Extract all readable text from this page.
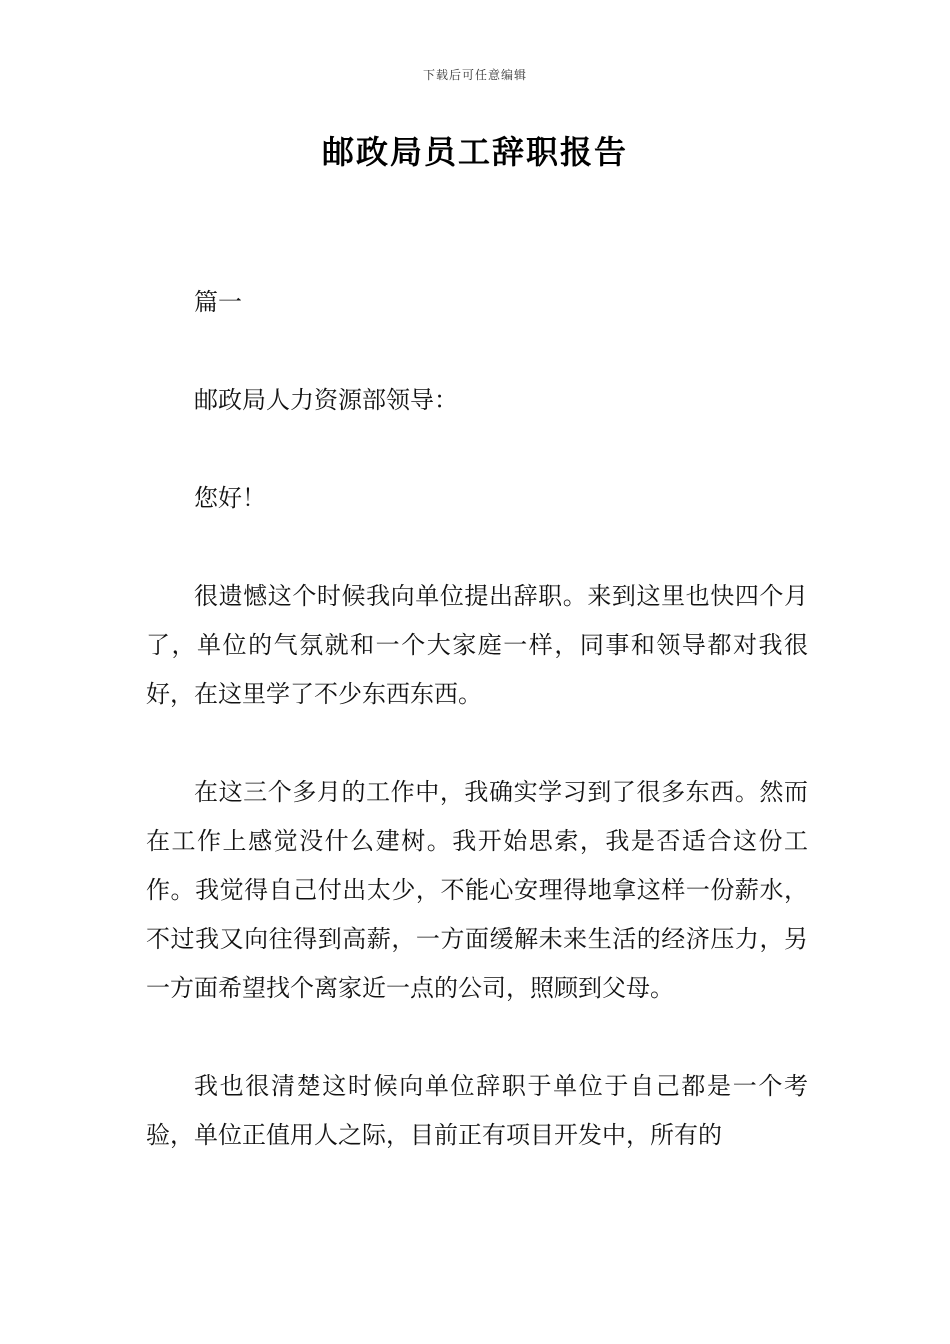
下载后可任意编辑
邮政局员工辞职报告

篇一

邮政局人力资源部领导：

您好！

很遗憾这个时候我向单位提出辞职。来到这里也快四个月了，单位的气氛就和一个大家庭一样，同事和领导都对我很好，在这里学了不少东西东西。

在这三个多月的工作中，我确实学习到了很多东西。然而在工作上感觉没什么建树。我开始思索，我是否适合这份工作。我觉得自己付出太少，不能心安理得地拿这样一份薪水，不过我又向往得到高薪，一方面缓解未来生活的经济压力，另一方面希望找个离家近一点的公司，照顾到父母。

我也很清楚这时候向单位辞职于单位于自己都是一个考验，单位正值用人之际，目前正有项目开发中，所有的
